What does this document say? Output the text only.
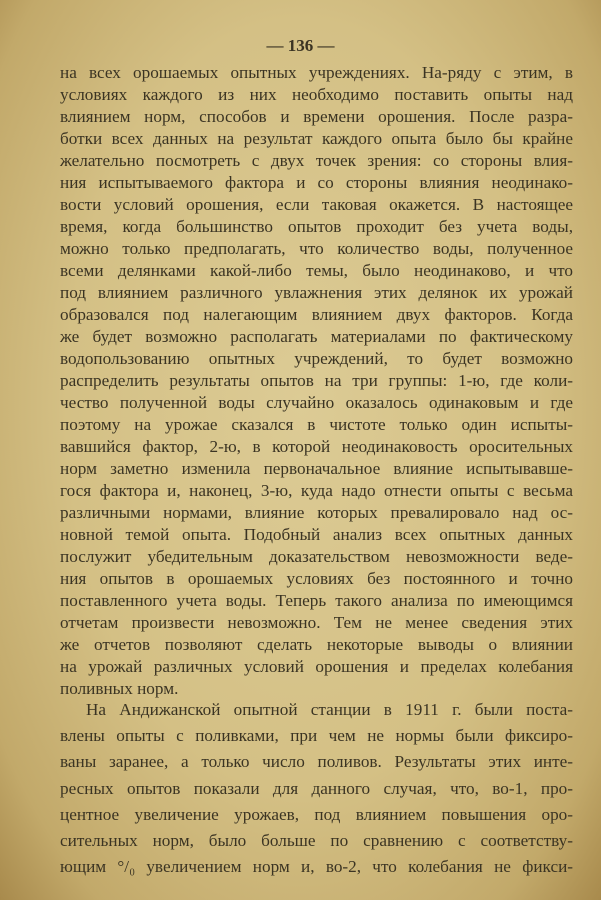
— 136 —
на всех орошаемых опытных учреждениях. На-ряду с этим, в
условиях каждого из них необходимо поставить опыты над
влиянием норм, способов и времени орошения. После разра-
ботки всех данных на результат каждого опыта было бы крайне
желательно посмотреть с двух точек зрения: со стороны влия-
ния испытываемого фактора и со стороны влияния неодинако-
вости условий орошения, если таковая окажется. В настоящее
время, когда большинство опытов проходит без учета воды,
можно только предполагать, что количество воды, полученное
всеми делянками какой-либо темы, было неодинаково, и что
под влиянием различного увлажнения этих делянок их урожай
образовался под налегающим влиянием двух факторов. Когда
же будет возможно располагать материалами по фактическому
водопользованию опытных учреждений, то будет возможно
распределить результаты опытов на три группы: 1-ю, где коли-
чество полученной воды случайно оказалось одинаковым и где
поэтому на урожае сказался в чистоте только один испыты-
вавшийся фактор, 2-ю, в которой неодинаковость оросительных
норм заметно изменила первоначальное влияние испытывавше-
гося фактора и, наконец, 3-ю, куда надо отнести опыты с весьма
различными нормами, влияние которых превалировало над ос-
новной темой опыта. Подобный анализ всех опытных данных
послужит убедительным доказательством невозможности веде-
ния опытов в орошаемых условиях без постоянного и точно
поставленного учета воды. Теперь такого анализа по имеющимся
отчетам произвести невозможно. Тем не менее сведения этих
же отчетов позволяют сделать некоторые выводы о влиянии
на урожай различных условий орошения и пределах колебания
поливных норм.
На Андижанской опытной станции в 1911 г. были поста-
влены опыты с поливками, при чем не нормы были фиксиро-
ваны заранее, а только число поливов. Результаты этих инте-
ресных опытов показали для данного случая, что, во-1, про-
центное увеличение урожаев, под влиянием повышения оро-
сительных норм, было больше по сравнению с соответству-
ющим °/₀ увеличением норм и, во-2, что колебания не фикси-
